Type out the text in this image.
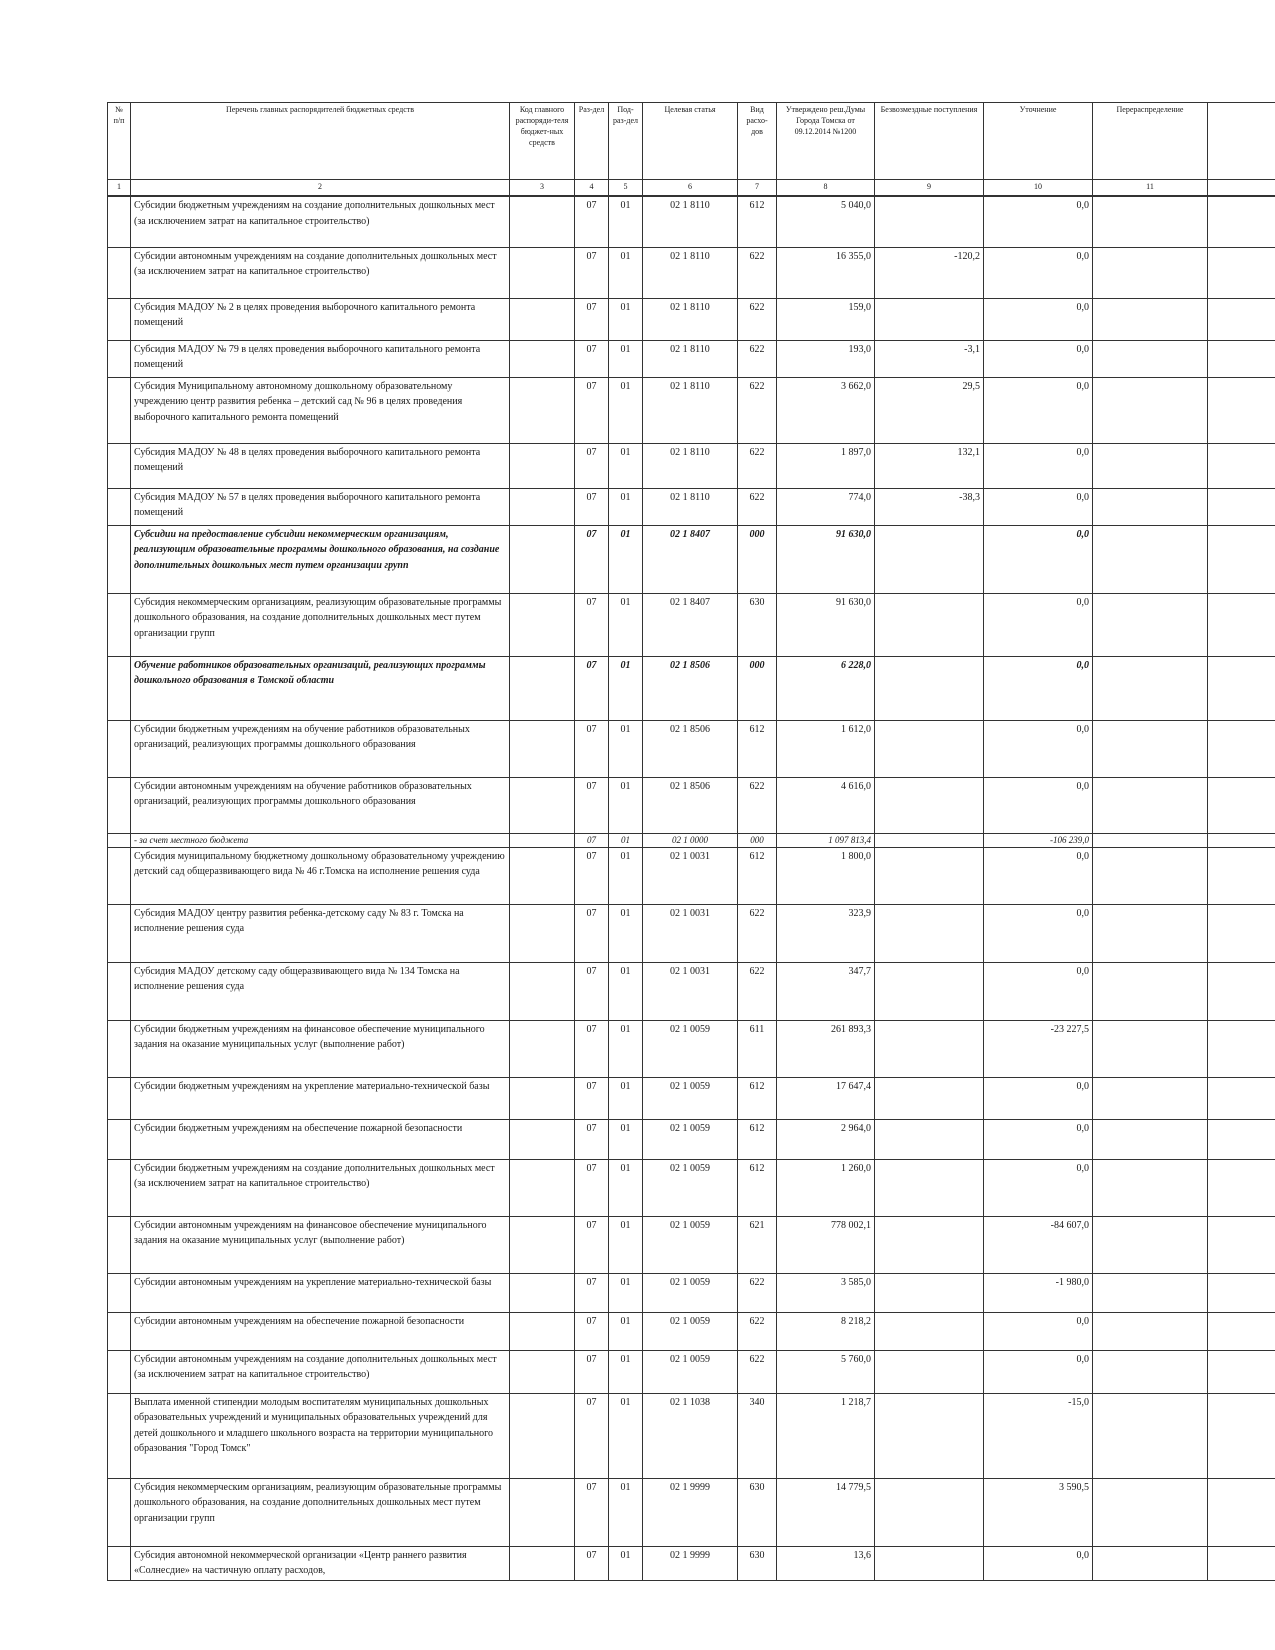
№ п/п	Перечень главных распорядителей бюджетных средств	Код главного распоряди-теля бюджет-ных средств	Раз-дел	Под-раз-дел	Целевая статья	Вид расхо-дов	Утверждено реш.Думы Города Томска от 09.12.2014 №1200	Безвозмездные поступления	Уточнение	Перераспределение	
1	2	3	4	5	6	7	8	9	10	11	
	Субсидии бюджетным учреждениям на создание дополнительных дошкольных мест (за исключением затрат на капитальное строительство)		07	01	02 1 8110	612	5 040,0		0,0		
	Субсидии автономным учреждениям на создание дополнительных дошкольных мест (за исключением затрат на капитальное строительство)		07	01	02 1 8110	622	16 355,0	-120,2	0,0		
	Субсидия МАДОУ № 2 в целях проведения выборочного капитального ремонта помещений		07	01	02 1 8110	622	159,0		0,0		
	Субсидия МАДОУ № 79 в целях проведения выборочного капитального ремонта помещений		07	01	02 1 8110	622	193,0	-3,1	0,0		
	Субсидия Муниципальному автономному дошкольному образовательному учреждению центр развития ребенка – детский сад № 96 в целях проведения выборочного капитального ремонта помещений		07	01	02 1 8110	622	3 662,0	29,5	0,0		
	Субсидия МАДОУ № 48 в целях проведения выборочного капитального ремонта помещений		07	01	02 1 8110	622	1 897,0	132,1	0,0		
	Субсидия МАДОУ № 57 в целях проведения выборочного капитального ремонта помещений		07	01	02 1 8110	622	774,0	-38,3	0,0		
	Субсидии на предоставление субсидии некоммерческим организациям, реализующим образовательные программы дошкольного образования, на создание дополнительных дошкольных мест путем организации групп		07	01	02 1 8407	000	91 630,0		0,0		
	Субсидия некоммерческим организациям, реализующим образовательные программы дошкольного образования, на создание дополнительных дошкольных мест путем организации групп		07	01	02 1 8407	630	91 630,0		0,0		
	Обучение работников образовательных организаций, реализующих программы дошкольного образования в Томской области		07	01	02 1 8506	000	6 228,0		0,0		
	Субсидии бюджетным учреждениям на обучение работников образовательных организаций, реализующих программы дошкольного образования		07	01	02 1 8506	612	1 612,0		0,0		
	Субсидии автономным учреждениям на обучение работников образовательных организаций, реализующих программы дошкольного образования		07	01	02 1 8506	622	4 616,0		0,0		
	- за счет местного бюджета		07	01	02 1 0000	000	1 097 813,4		-106 239,0		
	Субсидия муниципальному бюджетному дошкольному образовательному учреждению детский сад общеразвивающего вида № 46 г.Томска на исполнение решения суда		07	01	02 1 0031	612	1 800,0		0,0		
	Субсидия МАДОУ центру развития ребенка-детскому саду № 83 г. Томска на исполнение решения суда		07	01	02 1 0031	622	323,9		0,0		
	Субсидия МАДОУ детскому саду общеразвивающего вида № 134 Томска на исполнение решения суда		07	01	02 1 0031	622	347,7		0,0		
	Субсидии бюджетным учреждениям на финансовое обеспечение муниципального задания на оказание муниципальных услуг (выполнение работ)		07	01	02 1 0059	611	261 893,3		-23 227,5		
	Субсидии бюджетным учреждениям на укрепление материально-технической базы		07	01	02 1 0059	612	17 647,4		0,0		
	Субсидии бюджетным учреждениям на обеспечение пожарной безопасности		07	01	02 1 0059	612	2 964,0		0,0		
	Субсидии бюджетным учреждениям на создание дополнительных дошкольных мест (за исключением затрат на капитальное строительство)		07	01	02 1 0059	612	1 260,0		0,0		
	Субсидии автономным учреждениям на финансовое обеспечение муниципального задания на оказание муниципальных услуг (выполнение работ)		07	01	02 1 0059	621	778 002,1		-84 607,0		
	Субсидии автономным учреждениям на укрепление материально-технической базы		07	01	02 1 0059	622	3 585,0		-1 980,0		
	Субсидии автономным учреждениям на обеспечение пожарной безопасности		07	01	02 1 0059	622	8 218,2		0,0		
	Субсидии автономным учреждениям на создание дополнительных дошкольных мест (за исключением затрат на капитальное строительство)		07	01	02 1 0059	622	5 760,0		0,0		
	Выплата именной стипендии молодым воспитателям муниципальных дошкольных образовательных учреждений и муниципальных образовательных учреждений для детей дошкольного и младшего школьного возраста на территории муниципального образования "Город Томск"		07	01	02 1 1038	340	1 218,7		-15,0		
	Субсидия некоммерческим организациям, реализующим образовательные программы дошкольного образования, на создание дополнительных дошкольных мест путем организации групп		07	01	02 1 9999	630	14 779,5		3 590,5		
	Субсидия автономной некоммерческой организации «Центр раннего развития «Солнесдие» на частичную оплату расходов,		07	01	02 1 9999	630	13,6		0,0		
